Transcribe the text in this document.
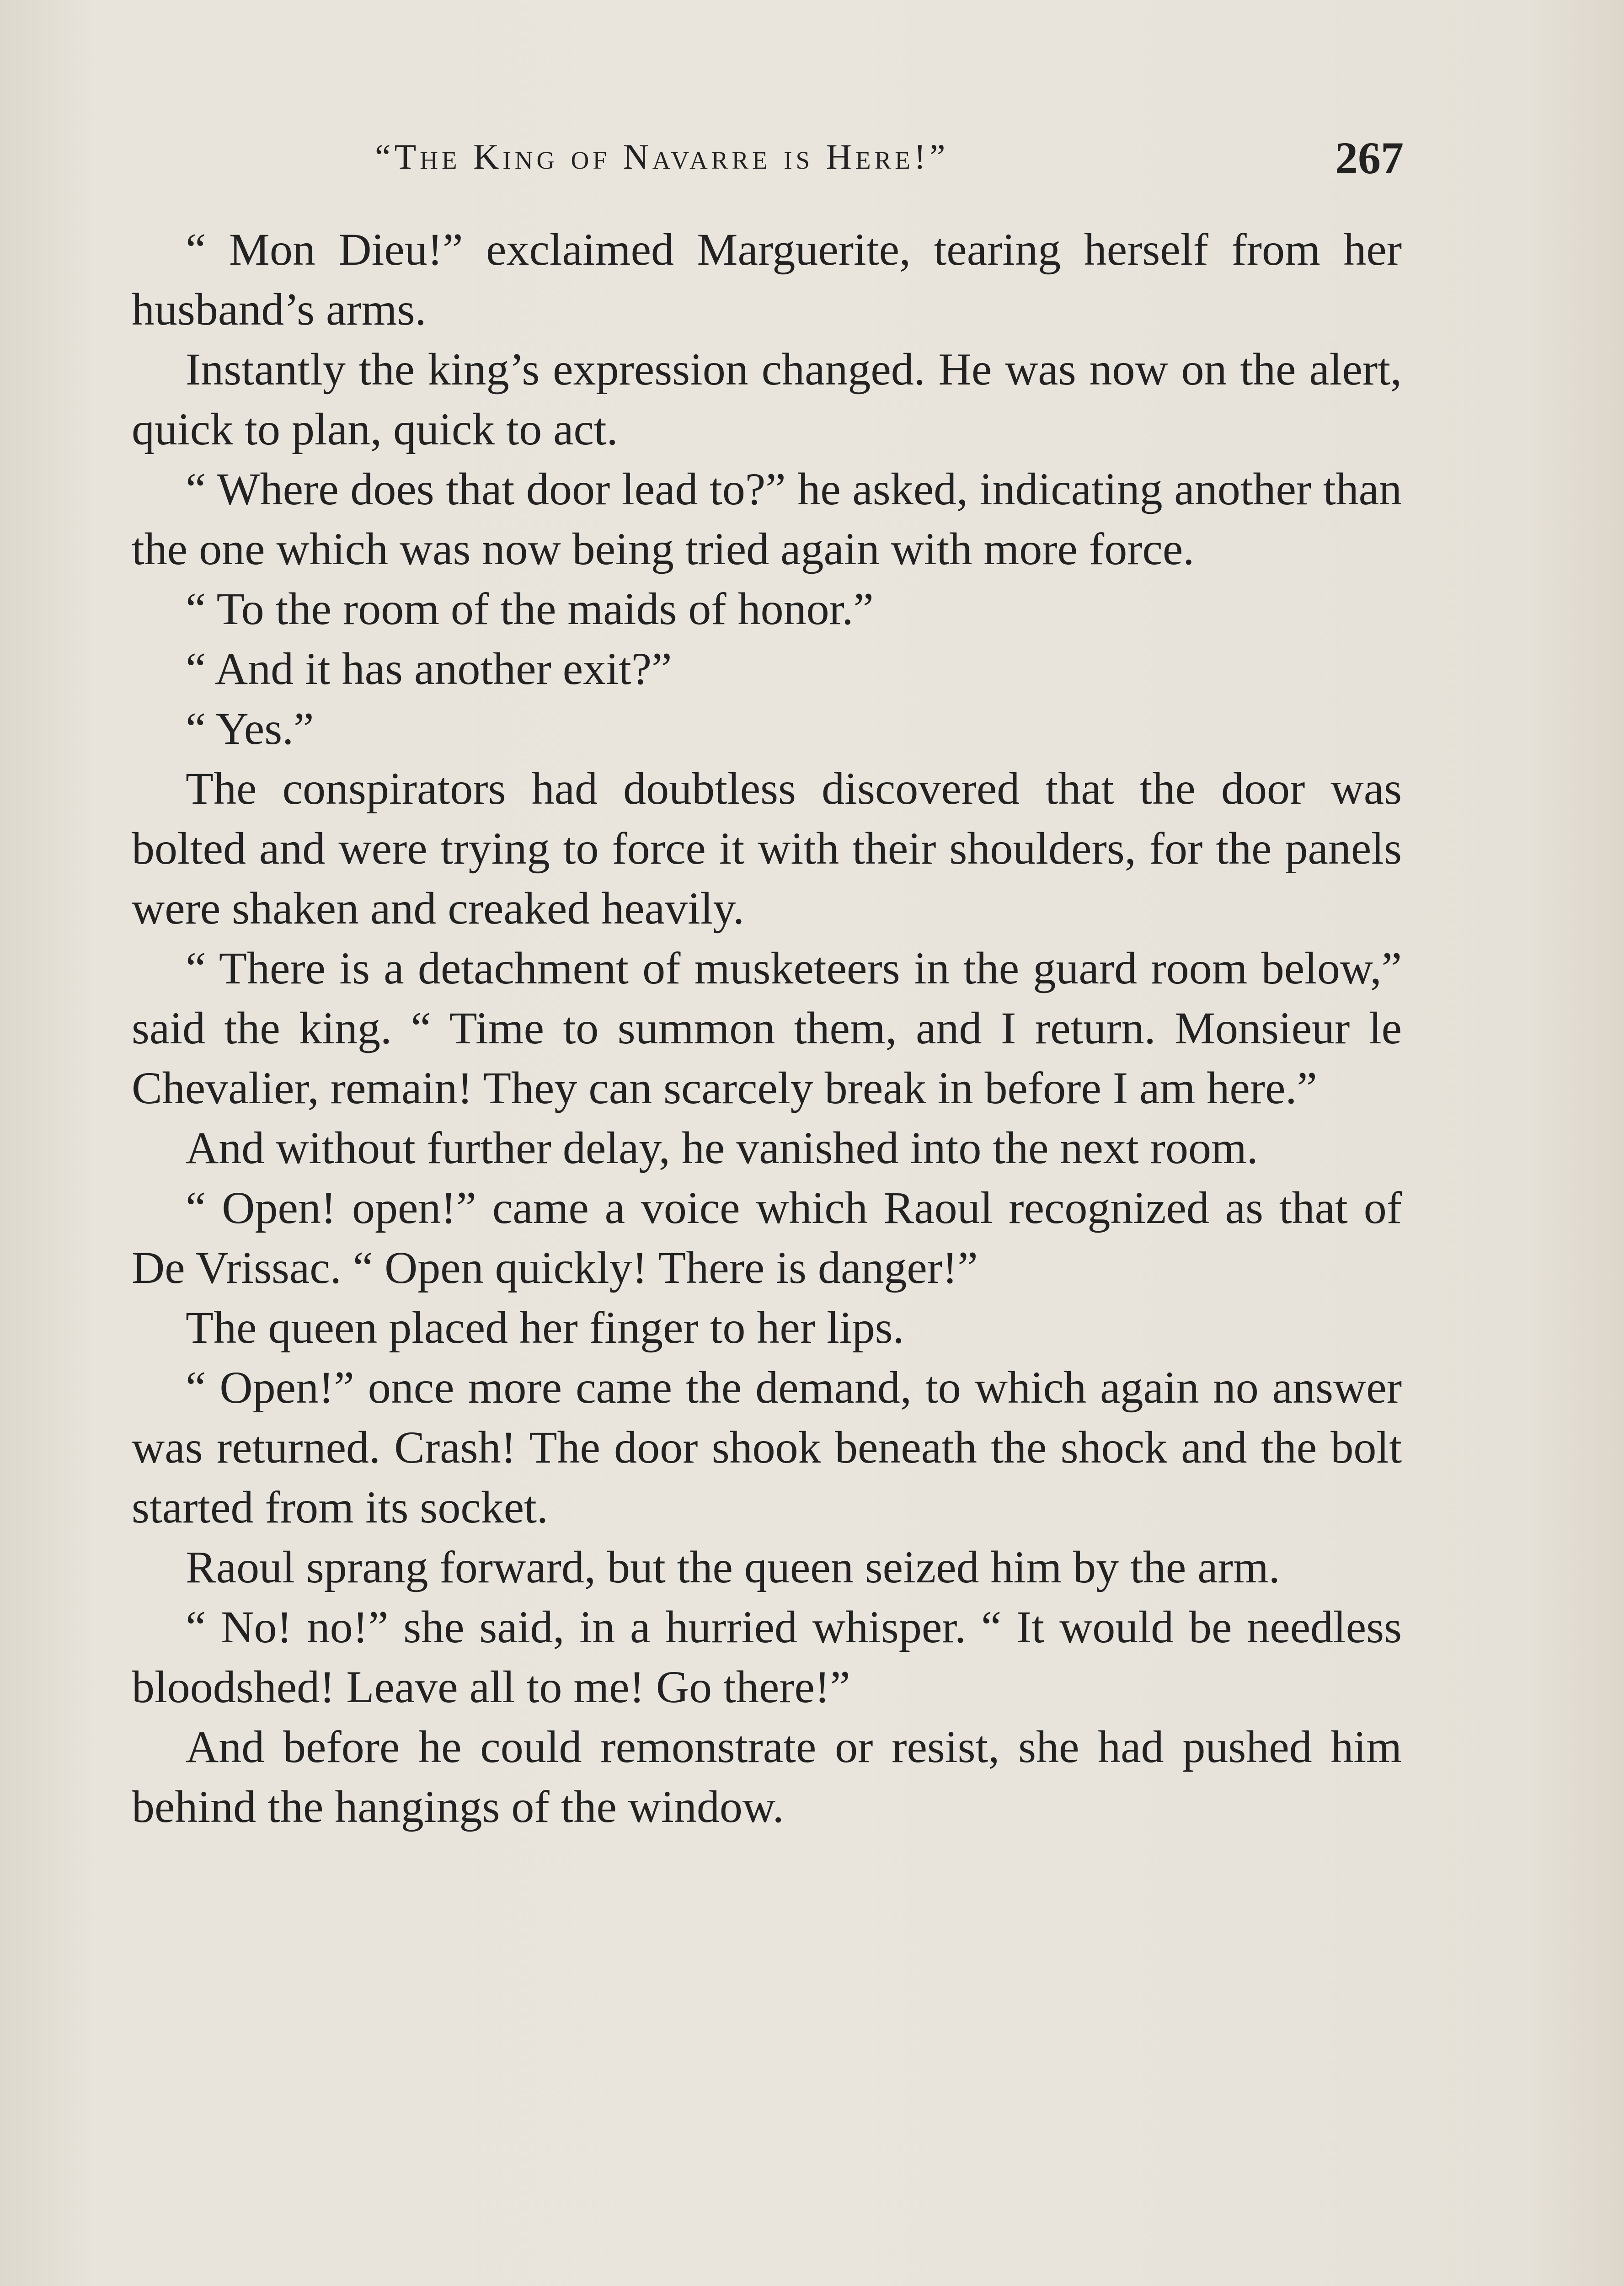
“The King of Navarre is Here!”	267

“ Mon Dieu!” exclaimed Marguerite, tearing herself from her husband’s arms.

Instantly the king’s expression changed. He was now on the alert, quick to plan, quick to act.

“ Where does that door lead to?” he asked, indicating another than the one which was now being tried again with more force.

“ To the room of the maids of honor.”

“ And it has another exit?”

“ Yes.”

The conspirators had doubtless discovered that the door was bolted and were trying to force it with their shoulders, for the panels were shaken and creaked heavily.

“ There is a detachment of musketeers in the guard room below,” said the king. “ Time to summon them, and I return. Monsieur le Chevalier, remain! They can scarcely break in before I am here.”

And without further delay, he vanished into the next room.

“ Open! open!” came a voice which Raoul recognized as that of De Vrissac. “ Open quickly! There is danger!”

The queen placed her finger to her lips.

“ Open!” once more came the demand, to which again no answer was returned. Crash! The door shook beneath the shock and the bolt started from its socket.

Raoul sprang forward, but the queen seized him by the arm.

“ No! no!” she said, in a hurried whisper. “ It would be needless bloodshed! Leave all to me! Go there!”

And before he could remonstrate or resist, she had pushed him behind the hangings of the window.
